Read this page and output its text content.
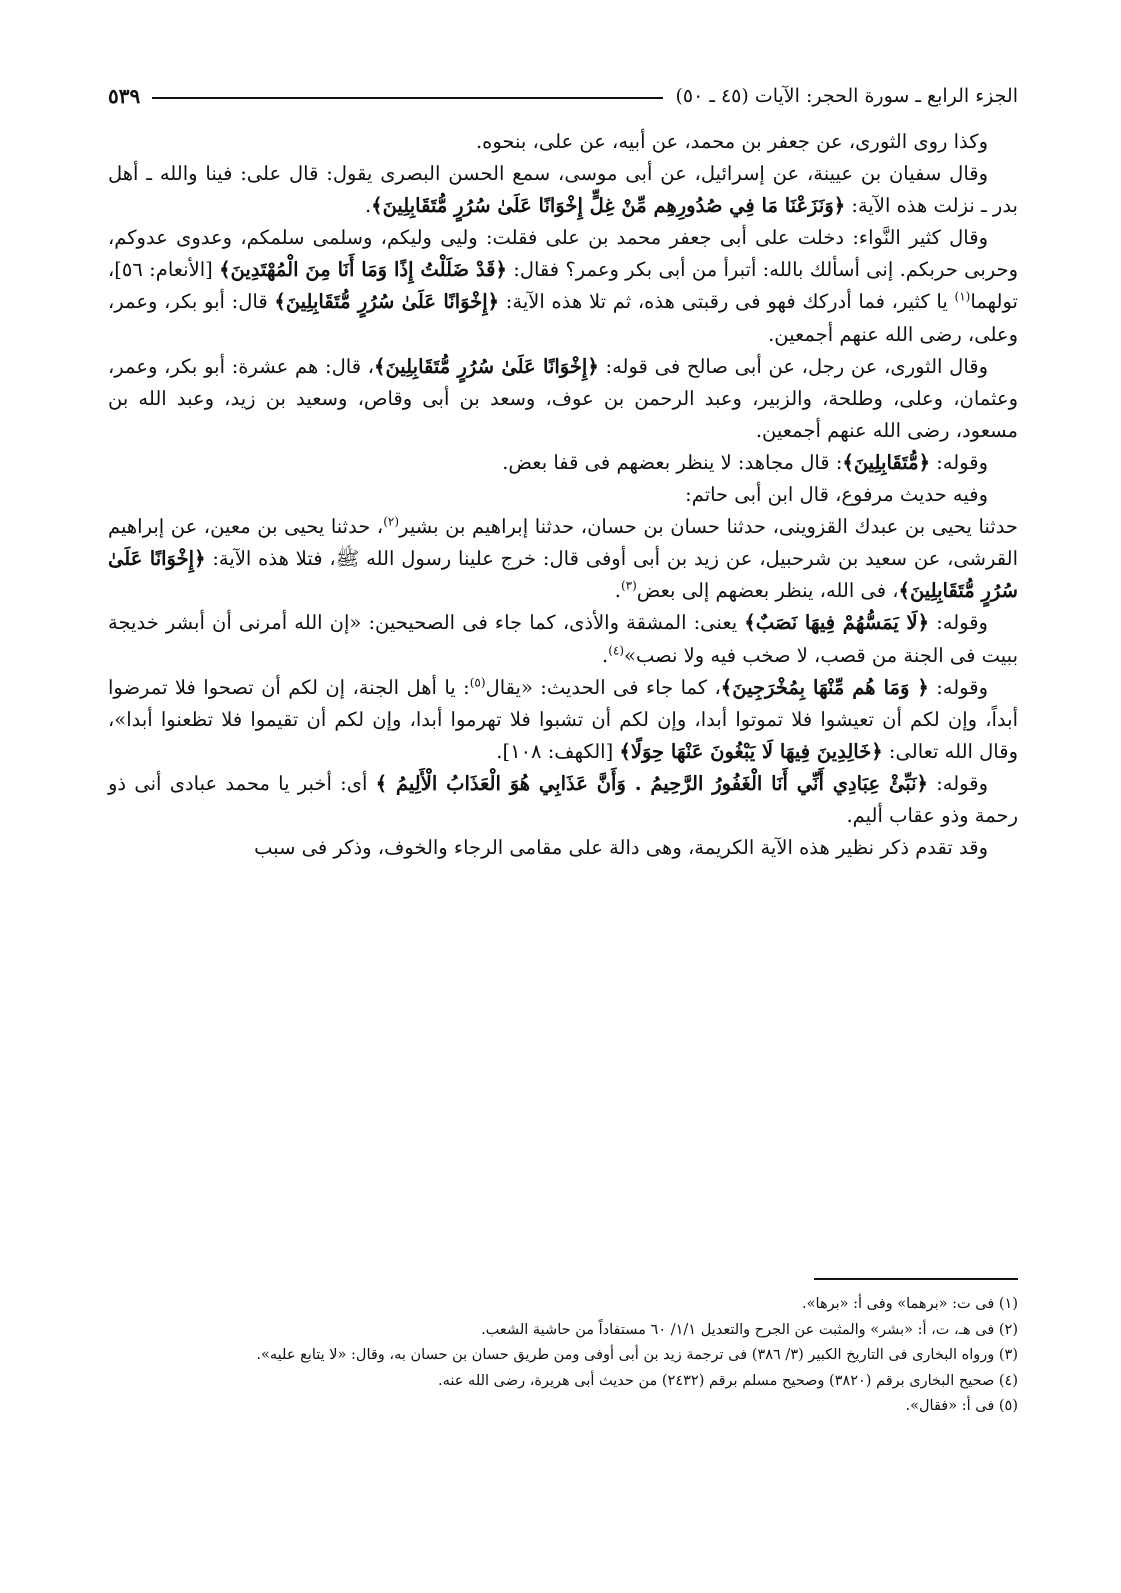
الجزء الرابع ـ سورة الحجر: الآيات (٤٥ ـ ٥٠)
٥٣٩

وكذا روى الثورى، عن جعفر بن محمد، عن أبيه، عن على، بنحوه.

وقال سفيان بن عيينة، عن إسرائيل، عن أبى موسى، سمع الحسن البصرى يقول: قال على: فينا والله ـ أهل بدر ـ نزلت هذه الآية: ﴿وَنَزَعْنَا مَا فِي صُدُورِهِم مِّنْ غِلٍّ إِخْوَانًا عَلَىٰ سُرُرٍ مُّتَقَابِلِينَ﴾.

وقال كثير النَّواء: دخلت على أبى جعفر محمد بن على فقلت: وليى وليكم، وسلمى سلمكم، وعدوى عدوكم، وحربى حربكم. إنى أسألك بالله: أتبرأ من أبى بكر وعمر؟ فقال: ﴿قَدْ ضَلَلْتُ إِذًا وَمَا أَنَا مِنَ الْمُهْتَدِينَ﴾ [الأنعام: ٥٦]، تولهما$^{(١)}$ يا كثير، فما أدركك فهو فى رقبتى هذه، ثم تلا هذه الآية: ﴿إِخْوَانًا عَلَىٰ سُرُرٍ مُّتَقَابِلِينَ﴾ قال: أبو بكر، وعمر، وعلى، رضى الله عنهم أجمعين.

وقال الثورى، عن رجل، عن أبى صالح فى قوله: ﴿إِخْوَانًا عَلَىٰ سُرُرٍ مُّتَقَابِلِينَ﴾، قال: هم عشرة: أبو بكر، وعمر، وعثمان، وعلى، وطلحة، والزبير، وعبد الرحمن بن عوف، وسعد بن أبى وقاص، وسعيد بن زيد، وعبد الله بن مسعود، رضى الله عنهم أجمعين.

وقوله: ﴿مُّتَقَابِلِينَ﴾: قال مجاهد: لا ينظر بعضهم فى قفا بعض.

وفيه حديث مرفوع، قال ابن أبى حاتم:

حدثنا يحيى بن عبدك القزوينى، حدثنا حسان بن حسان، حدثنا إبراهيم بن بشير$^{(٢)}$، حدثنا يحيى بن معين، عن إبراهيم القرشى، عن سعيد بن شرحبيل، عن زيد بن أبى أوفى قال: خرج علينا رسول الله ﷺ، فتلا هذه الآية: ﴿إِخْوَانًا عَلَىٰ سُرُرٍ مُّتَقَابِلِينَ﴾، فى الله، ينظر بعضهم إلى بعض$^{(٣)}$.

وقوله: ﴿لَا يَمَسُّهُمْ فِيهَا نَصَبٌ﴾ يعنى: المشقة والأذى، كما جاء فى الصحيحين: «إن الله أمرنى أن أبشر خديجة ببيت فى الجنة من قصب، لا صخب فيه ولا نصب»$^{(٤)}$.

وقوله: ﴿ وَمَا هُم مِّنْهَا بِمُخْرَجِينَ﴾، كما جاء فى الحديث: «يقال$^{(٥)}$: يا أهل الجنة، إن لكم أن تصحوا فلا تمرضوا أبداً، وإن لكم أن تعيشوا فلا تموتوا أبدا، وإن لكم أن تشبوا فلا تهرموا أبدا، وإن لكم أن تقيموا فلا تظعنوا أبدا»، وقال الله تعالى: ﴿خَالِدِينَ فِيهَا لَا يَبْغُونَ عَنْهَا حِوَلًا﴾ [الكهف: ١٠٨].

وقوله: ﴿نَبِّئْ عِبَادِي أَنِّي أَنَا الْغَفُورُ الرَّحِيمُ . وَأَنَّ عَذَابِي هُوَ الْعَذَابُ الْأَلِيمُ ﴾ أى: أخبر يا محمد عبادى أنى ذو رحمة وذو عقاب أليم.

وقد تقدم ذكر نظير هذه الآية الكريمة، وهى دالة على مقامى الرجاء والخوف، وذكر فى سبب

(١) فى ت: «برهما» وفى أ: «برها».
(٢) فى هـ، ت، أ: «بشر» والمثبت عن الجرح والتعديل ١/١/ ٦٠ مستفاداً من حاشية الشعب.
(٣) ورواه البخارى فى التاريخ الكبير (٣/ ٣٨٦) فى ترجمة زيد بن أبى أوفى ومن طريق حسان بن حسان به، وقال: «لا يتابع عليه».
(٤) صحيح البخارى برقم (٣٨٢٠) وصحيح مسلم برقم (٢٤٣٢) من حديث أبى هريرة، رضى الله عنه.
(٥) فى أ: «فقال».
